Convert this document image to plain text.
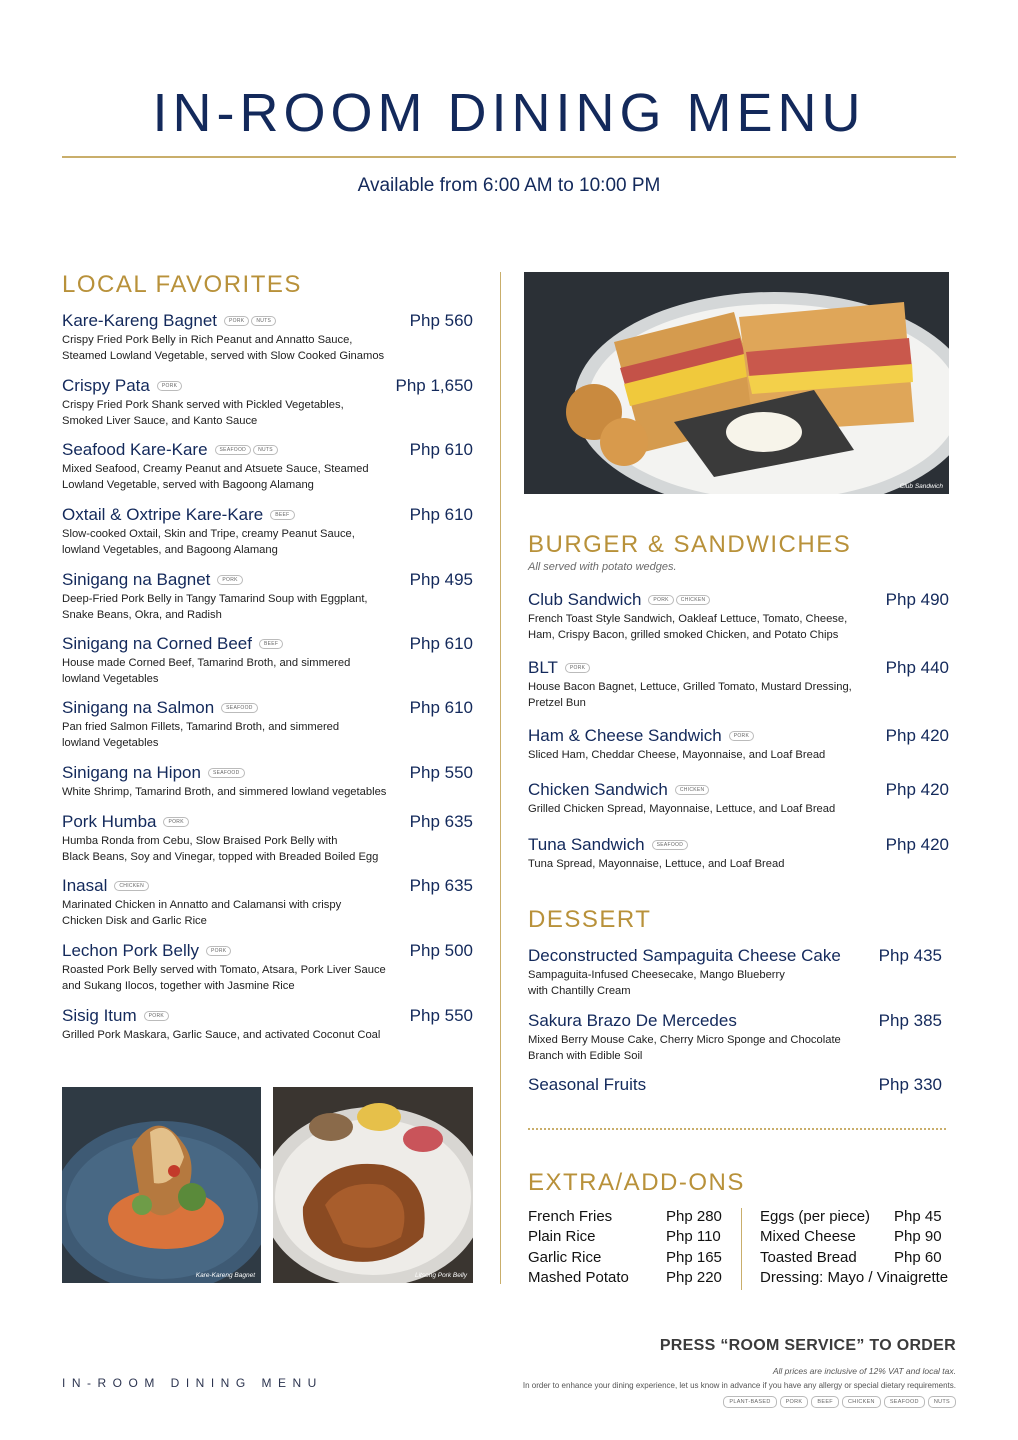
IN-ROOM DINING MENU
Available from 6:00 AM to 10:00 PM
LOCAL FAVORITES
Kare-Kareng Bagnet	PORK	NUTS	Php 560
Crispy Fried Pork Belly in Rich Peanut and Annatto Sauce,
Steamed Lowland Vegetable, served with Slow Cooked Ginamos
Crispy Pata	PORK	Php 1,650
Crispy Fried Pork Shank served with Pickled Vegetables,
Smoked Liver Sauce, and Kanto Sauce
Seafood Kare-Kare	SEAFOOD	NUTS	Php 610
Mixed Seafood, Creamy Peanut and Atsuete Sauce, Steamed
Lowland Vegetable, served with Bagoong Alamang
Oxtail & Oxtripe Kare-Kare	BEEF	Php 610
Slow-cooked Oxtail, Skin and Tripe, creamy Peanut Sauce,
lowland Vegetables, and Bagoong Alamang
Sinigang na Bagnet	PORK	Php 495
Deep-Fried Pork Belly in Tangy Tamarind Soup with Eggplant,
Snake Beans, Okra, and Radish
Sinigang na Corned Beef	BEEF	Php 610
House made Corned Beef, Tamarind Broth, and simmered
lowland Vegetables
Sinigang na Salmon	SEAFOOD	Php 610
Pan fried Salmon Fillets, Tamarind Broth, and simmered
lowland Vegetables
Sinigang na Hipon	SEAFOOD	Php 550
White Shrimp, Tamarind Broth, and simmered lowland vegetables
Pork Humba	PORK	Php 635
Humba Ronda from Cebu, Slow Braised Pork Belly with
Black Beans, Soy and Vinegar, topped with Breaded Boiled Egg
Inasal	CHICKEN	Php 635
Marinated Chicken in Annatto and Calamansi with crispy
Chicken Disk and Garlic Rice
Lechon Pork Belly	PORK	Php 500
Roasted Pork Belly served with Tomato, Atsara, Pork Liver Sauce
and Sukang Ilocos, together with Jasmine Rice
Sisig Itum	PORK	Php 550
Grilled Pork Maskara, Garlic Sauce, and activated Coconut Coal
Kare-Kareng Bagnet	Litsong Pork Belly
Club Sandwich
BURGER & SANDWICHES
All served with potato wedges.
Club Sandwich	PORK	CHICKEN	Php 490
French Toast Style Sandwich, Oakleaf Lettuce, Tomato, Cheese,
Ham, Crispy Bacon, grilled smoked Chicken, and Potato Chips
BLT	PORK	Php 440
House Bacon Bagnet, Lettuce, Grilled Tomato, Mustard Dressing,
Pretzel Bun
Ham & Cheese Sandwich	PORK	Php 420
Sliced Ham, Cheddar Cheese, Mayonnaise, and Loaf Bread
Chicken Sandwich	CHICKEN	Php 420
Grilled Chicken Spread, Mayonnaise, Lettuce, and Loaf Bread
Tuna Sandwich	SEAFOOD	Php 420
Tuna Spread, Mayonnaise, Lettuce, and Loaf Bread
DESSERT
Deconstructed Sampaguita Cheese Cake Php 435
Sampaguita-Infused Cheesecake, Mango Blueberry
with Chantilly Cream
Sakura Brazo De Mercedes	Php 385
Mixed Berry Mouse Cake, Cherry Micro Sponge and Chocolate
Branch with Edible Soil
Seasonal Fruits	Php 330
EXTRA/ADD-ONS
French Fries	Php 280
Plain Rice	Php 110
Garlic Rice	Php 165
Mashed Potato Php 220
Eggs (per piece) Php 45
Mixed Cheese	Php 90
Toasted Bread Php 60
Dressing: Mayo / Vinaigrette
IN-ROOM DINING MENU
PRESS “ROOM SERVICE” TO ORDER
All prices are inclusive of 12% VAT and local tax.
In order to enhance your dining experience, let us know in advance if you have any allergy or special dietary requirements.
PLANT-BASED	PORK	BEEF	CHICKEN	SEAFOOD	NUTS
